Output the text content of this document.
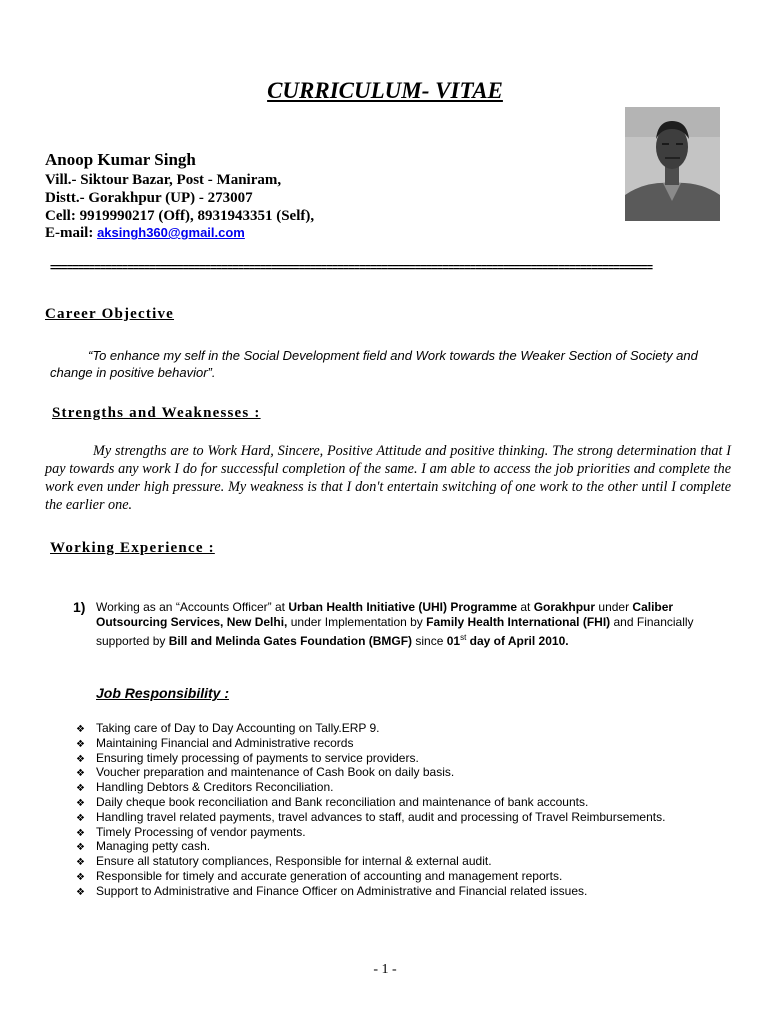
CURRICULUM- VITAE
Anoop Kumar Singh
Vill.- Siktour Bazar, Post - Maniram,
Distt.- Gorakhpur (UP) - 273007
Cell: 9919990217 (Off), 8931943351 (Self),
E-mail: aksingh360@gmail.com
=============================================================================================================
Career Objective
“To enhance my self in the Social Development field and Work towards the Weaker Section of Society and change in positive behavior”.
Strengths and Weaknesses :
My strengths are to Work Hard, Sincere, Positive Attitude and positive thinking. The strong determination that I pay towards any work I do for successful completion of the same. I am able to access the job priorities and complete the work even under high pressure. My weakness is that I don't entertain switching of one work to the other until I complete the earlier one.
Working Experience :
1) Working as an “Accounts Officer” at Urban Health Initiative (UHI) Programme at Gorakhpur under Caliber Outsourcing Services, New Delhi, under Implementation by Family Health International (FHI) and Financially supported by Bill and Melinda Gates Foundation (BMGF) since 01st day of April 2010.
Job Responsibility :
❖ Taking care of Day to Day Accounting on Tally.ERP 9.
❖ Maintaining Financial and Administrative records
❖ Ensuring timely processing of payments to service providers.
❖ Voucher preparation and maintenance of Cash Book on daily basis.
❖ Handling Debtors & Creditors Reconciliation.
❖ Daily cheque book reconciliation and Bank reconciliation and maintenance of bank accounts.
❖ Handling travel related payments, travel advances to staff, audit and processing of Travel Reimbursements.
❖ Timely Processing of vendor payments.
❖ Managing petty cash.
❖ Ensure all statutory compliances, Responsible for internal & external audit.
❖ Responsible for timely and accurate generation of accounting and management reports.
❖ Support to Administrative and Finance Officer on Administrative and Financial related issues.
- 1 -
